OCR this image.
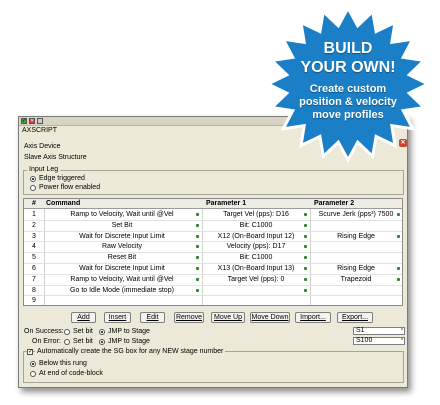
✓ ✕
AXSCRIPT
Axis Device
Slave Axis Structure
✕
Input Leg
Edge triggered
Power flow enabled
#	Command	Parameter 1	Parameter 2
1	Ramp to Velocity, Wait until @Vel	Target Vel (pps): D16	Scurve Jerk (pps³) 7500
2	Set Bit	Bit: C1000
3	Wait for Discrete Input Limit	X12 (On-Board Input 12)	Rising Edge
4	Raw Velocity	Velocity (pps): D17
5	Reset Bit	Bit: C1000
6	Wait for Discrete Input Limit	X13 (On-Board Input 13)	Rising Edge
7	Ramp to Velocity, Wait until @Vel	Target Vel (pps): 0	Trapezoid
8	Go to Idle Mode (immediate stop)
9
Add	Insert	Edit	Remove	Move Up	Move Down	Import...	Export...
On Success: Set bit JMP to Stage	S1	*
On Error: Set bit JMP to Stage	S100	*
✓ Automatically create the SG box for any NEW stage number
Below this rung
At end of code-block
BUILD
YOUR OWN!
Create custom
position & velocity
move profiles
